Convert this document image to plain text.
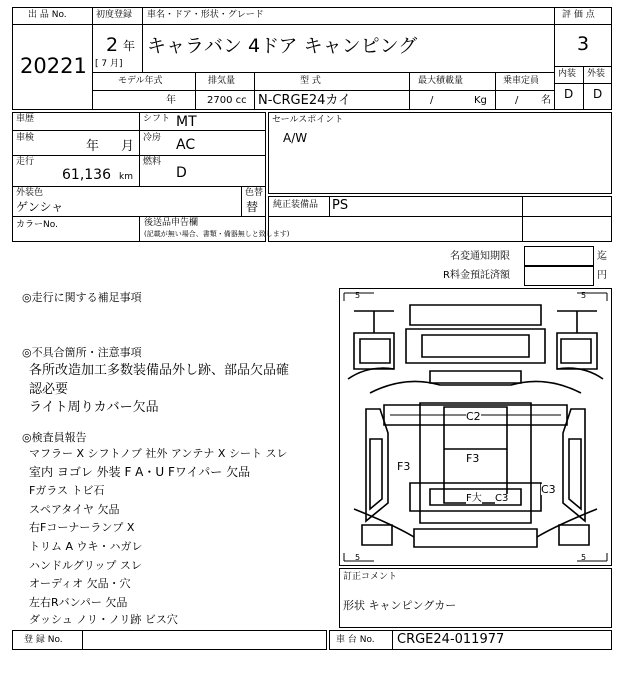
出 品 No.
20221
初度登録
2 年
[ 7 月]
車名・ドア・形状・グレード
キャラバン 4ドア キャンピング
評 価 点
3
内装 外装
D D
モデル年式
年
排気量
2700 cc
型 式
N-CRGE24カイ
最大積載量
/	Kg
乗車定員
/ 名
車歴
車検
年 月
走行
61,136 km
シフト MT
冷房 AC
燃料
D
外装色
ゲンシャ
色替
替
カラーNo.	後送品申告欄
(記載が無い場合、書類・備器無しと致します)
セールスポイント
A/W
純正装備品 PS
名変通知期限	迄
R料金預託済額	円
◎走行に関する補足事項
◎不具合箇所・注意事項
各所改造加工多数装備品外し跡、部品欠品確
認必要
ライト周りカバー欠品
◎検査員報告
マフラー X シフトノブ 社外 アンテナ X シート スレ
室内 ヨゴレ 外装 F A・U Fワイパー 欠品
Fガラス トビ石
スペアタイヤ 欠品
右Fコーナーランプ X
トリム A ウキ・ハガレ
ハンドルグリップ スレ
オーディオ 欠品・穴
左右Rバンパー 欠品
ダッシュ ノリ・ノリ跡 ビス穴
5	5
5	5
C2
F3
F3
F大 C3
C3
訂正コメント
形状 キャンピングカー
登 録 No.	車 台 No. CRGE24-011977
